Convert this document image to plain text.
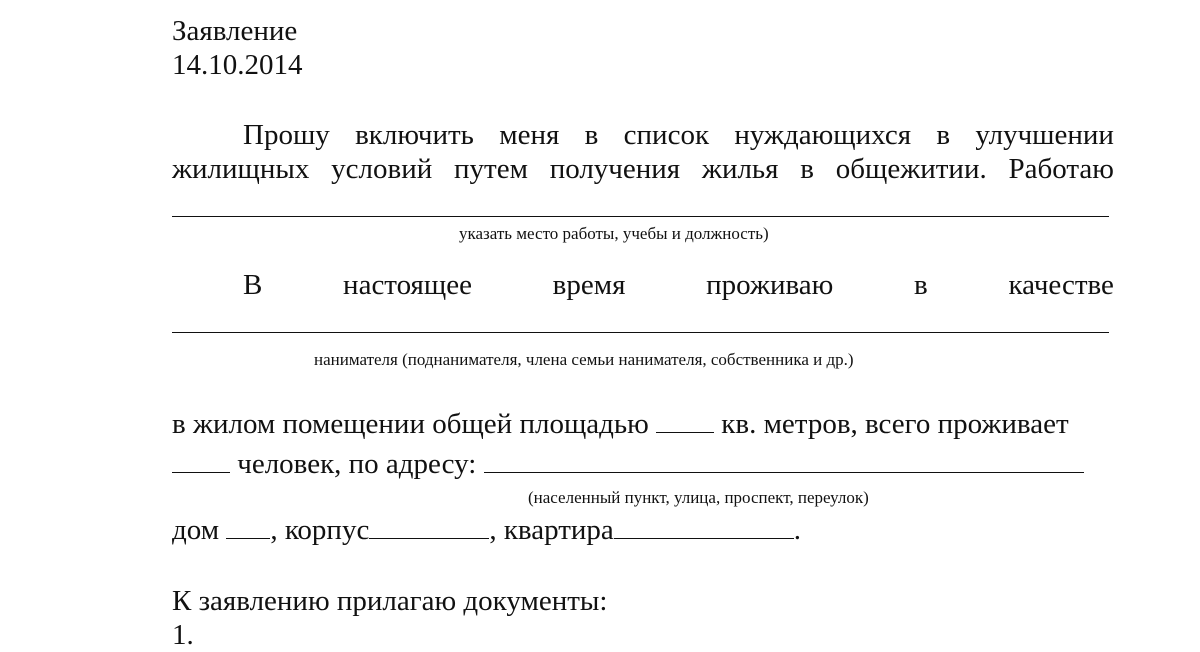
Заявление
14.10.2014
Прошу включить меня в список нуждающихся в улучшении
жилищных условий путем получения жилья в общежитии. Работаю
указать место работы, учебы и должность)
В	настоящее	время	проживаю	в	качестве
нанимателя (поднанимателя, члена семьи нанимателя, собственника и др.)
в жилом помещении общей площадью  кв. метров, всего проживает
человек, по адресу:
(населенный пункт, улица, проспект, переулок)
дом , корпус	, квартира	.
К заявлению прилагаю документы:
1.
